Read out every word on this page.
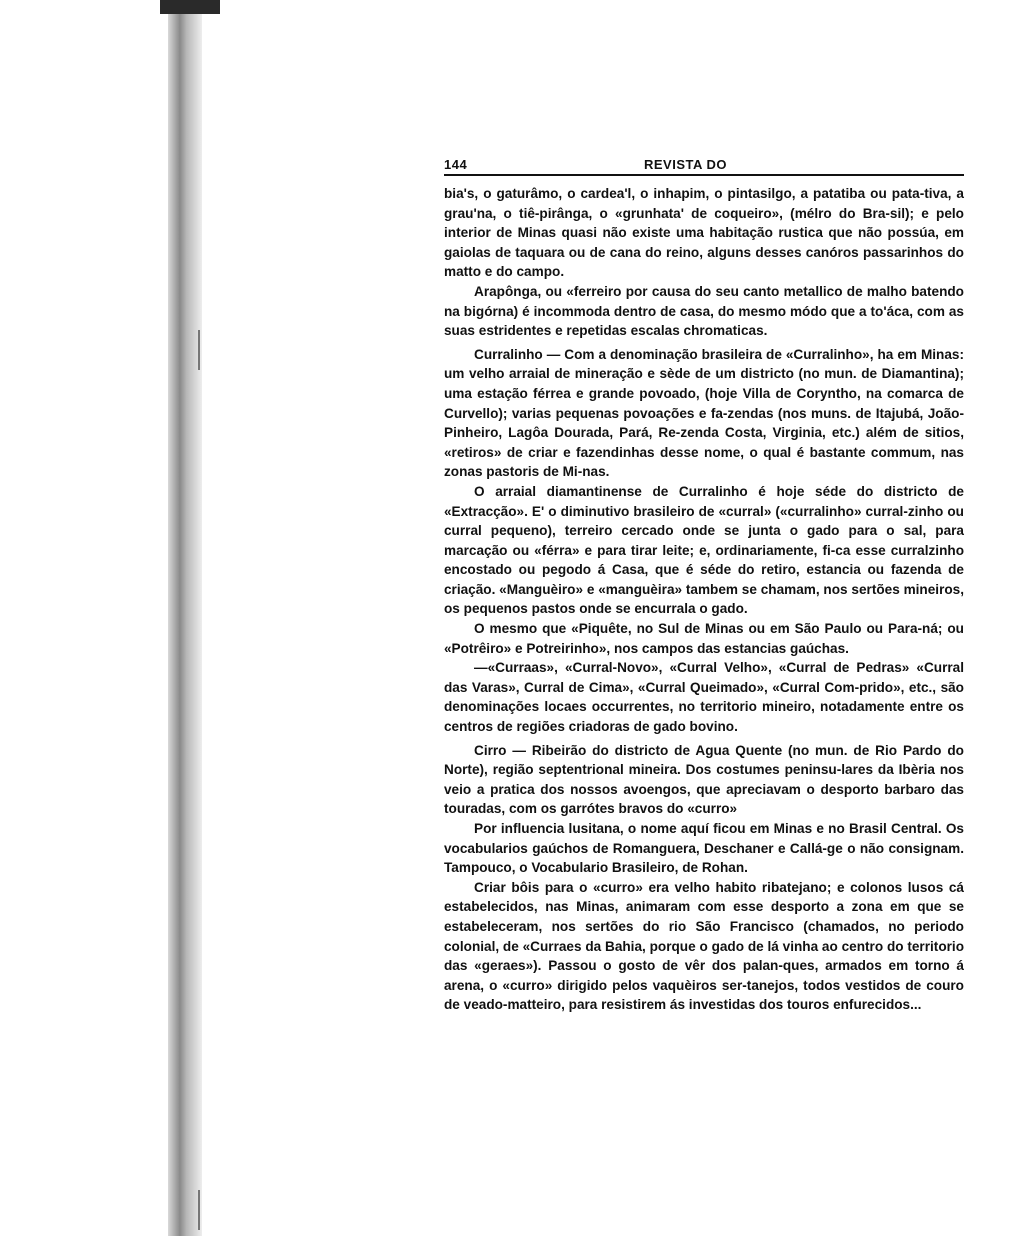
144	REVISTA DO

bia's, o gaturâmo, o cardea'l, o inhapim, o pintasilgo, a patatiba ou pata-tiva, a grau'na, o tiê-pirânga, o «grunhata' de coqueiro», (mélro do Bra-sil); e pelo interior de Minas quasi não existe uma habitação rustica que não possúa, em gaiolas de taquara ou de cana do reino, alguns desses canóros passarinhos do matto e do campo.

Arapônga, ou «ferreiro por causa do seu canto metallico de malho batendo na bigórna) é incommoda dentro de casa, do mesmo módo que a to'áca, com as suas estridentes e repetidas escalas chromaticas.

Curralinho — Com a denominação brasileira de «Curralinho», ha em Minas: um velho arraial de mineração e sède de um districto (no mun. de Diamantina); uma estação férrea e grande povoado, (hoje Villa de Coryntho, na comarca de Curvello); varias pequenas povoações e fa-zendas (nos muns. de Itajubá, João-Pinheiro, Lagôa Dourada, Pará, Re-zenda Costa, Virginia, etc.) além de sitios, «retiros» de criar e fazendinhas desse nome, o qual é bastante commum, nas zonas pastoris de Mi-nas.

O arraial diamantinense de Curralinho é hoje séde do districto de «Extracção». E' o diminutivo brasileiro de «curral» («curralinho» curral-zinho ou curral pequeno), terreiro cercado onde se junta o gado para o sal, para marcação ou «férra» e para tirar leite; e, ordinariamente, fi-ca esse curralzinho encostado ou pegodo á Casa, que é séde do retiro, estancia ou fazenda de criação. «Manguèiro» e «manguèira» tambem se chamam, nos sertões mineiros, os pequenos pastos onde se encurrala o gado.

O mesmo que «Piquête, no Sul de Minas ou em São Paulo ou Para-ná; ou «Potrêiro» e Potreirinho», nos campos das estancias gaúchas.

—«Curraas», «Curral-Novo», «Curral Velho», «Curral de Pedras» «Curral das Varas», Curral de Cima», «Curral Queimado», «Curral Com-prido», etc., são denominações locaes occurrentes, no territorio mineiro, notadamente entre os centros de regiões criadoras de gado bovino.

Cirro — Ribeirão do districto de Agua Quente (no mun. de Rio Pardo do Norte), região septentrional mineira. Dos costumes peninsu-lares da Ibèria nos veio a pratica dos nossos avoengos, que apreciavam o desporto barbaro das touradas, com os garrótes bravos do «curro»

Por influencia lusitana, o nome aquí ficou em Minas e no Brasil Central. Os vocabularios gaúchos de Romanguera, Deschaner e Callá-ge o não consignam. Tampouco, o Vocabulario Brasileiro, de Rohan.

Criar bôis para o «curro» era velho habito ribatejano; e colonos lusos cá estabelecidos, nas Minas, animaram com esse desporto a zona em que se estabeleceram, nos sertões do rio São Francisco (chamados, no periodo colonial, de «Curraes da Bahia, porque o gado de lá vinha ao centro do territorio das «geraes»). Passou o gosto de vêr dos palan-ques, armados em torno á arena, o «curro» dirigido pelos vaquèiros ser-tanejos, todos vestidos de couro de veado-matteiro, para resistirem ás investidas dos touros enfurecidos...
